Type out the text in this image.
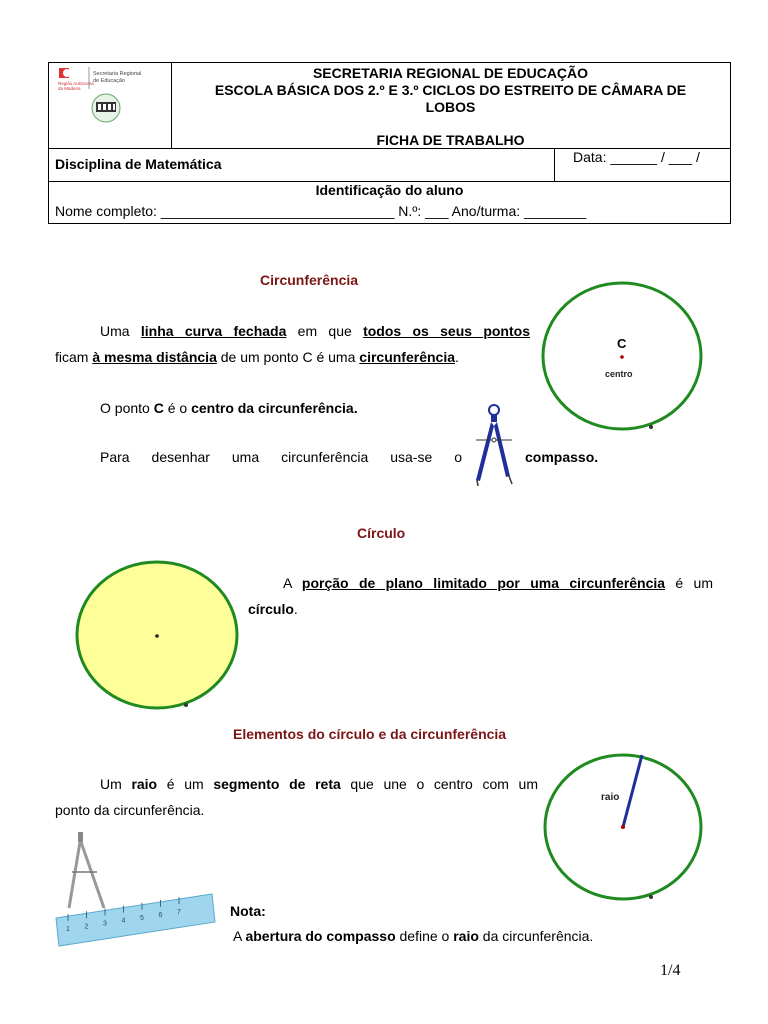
Região Autónoma
da Madeira
Secretaria Regional
de Educação	SECRETARIA REGIONAL DE EDUCAÇÃO
ESCOLA BÁSICA DOS 2.º E 3.º CICLOS DO ESTREITO DE CÂMARA DE
LOBOS
FICHA DE TRABALHO
Disciplina de Matemática	Data: ______ / ___ /
___
Identificação do aluno
Nome completo: ______________________________ N.º: ___ Ano/turma: ________
Circunferência
Uma linha curva fechada em que todos os seus pontos
ficam à mesma distância de um ponto C é uma circunferência.
O ponto C é o centro da circunferência.
Para desenhar uma circunferência usa-se o	compasso.
C
centro
Círculo
A porção de plano limitado por uma circunferência é um
círculo.
Elementos do círculo e da circunferência
Um raio é um segmento de reta que une o centro com um
ponto da circunferência.
raio
1 2 3 4 5 6 7	Nota:
A abertura do compasso define o raio da circunferência.
1/4
